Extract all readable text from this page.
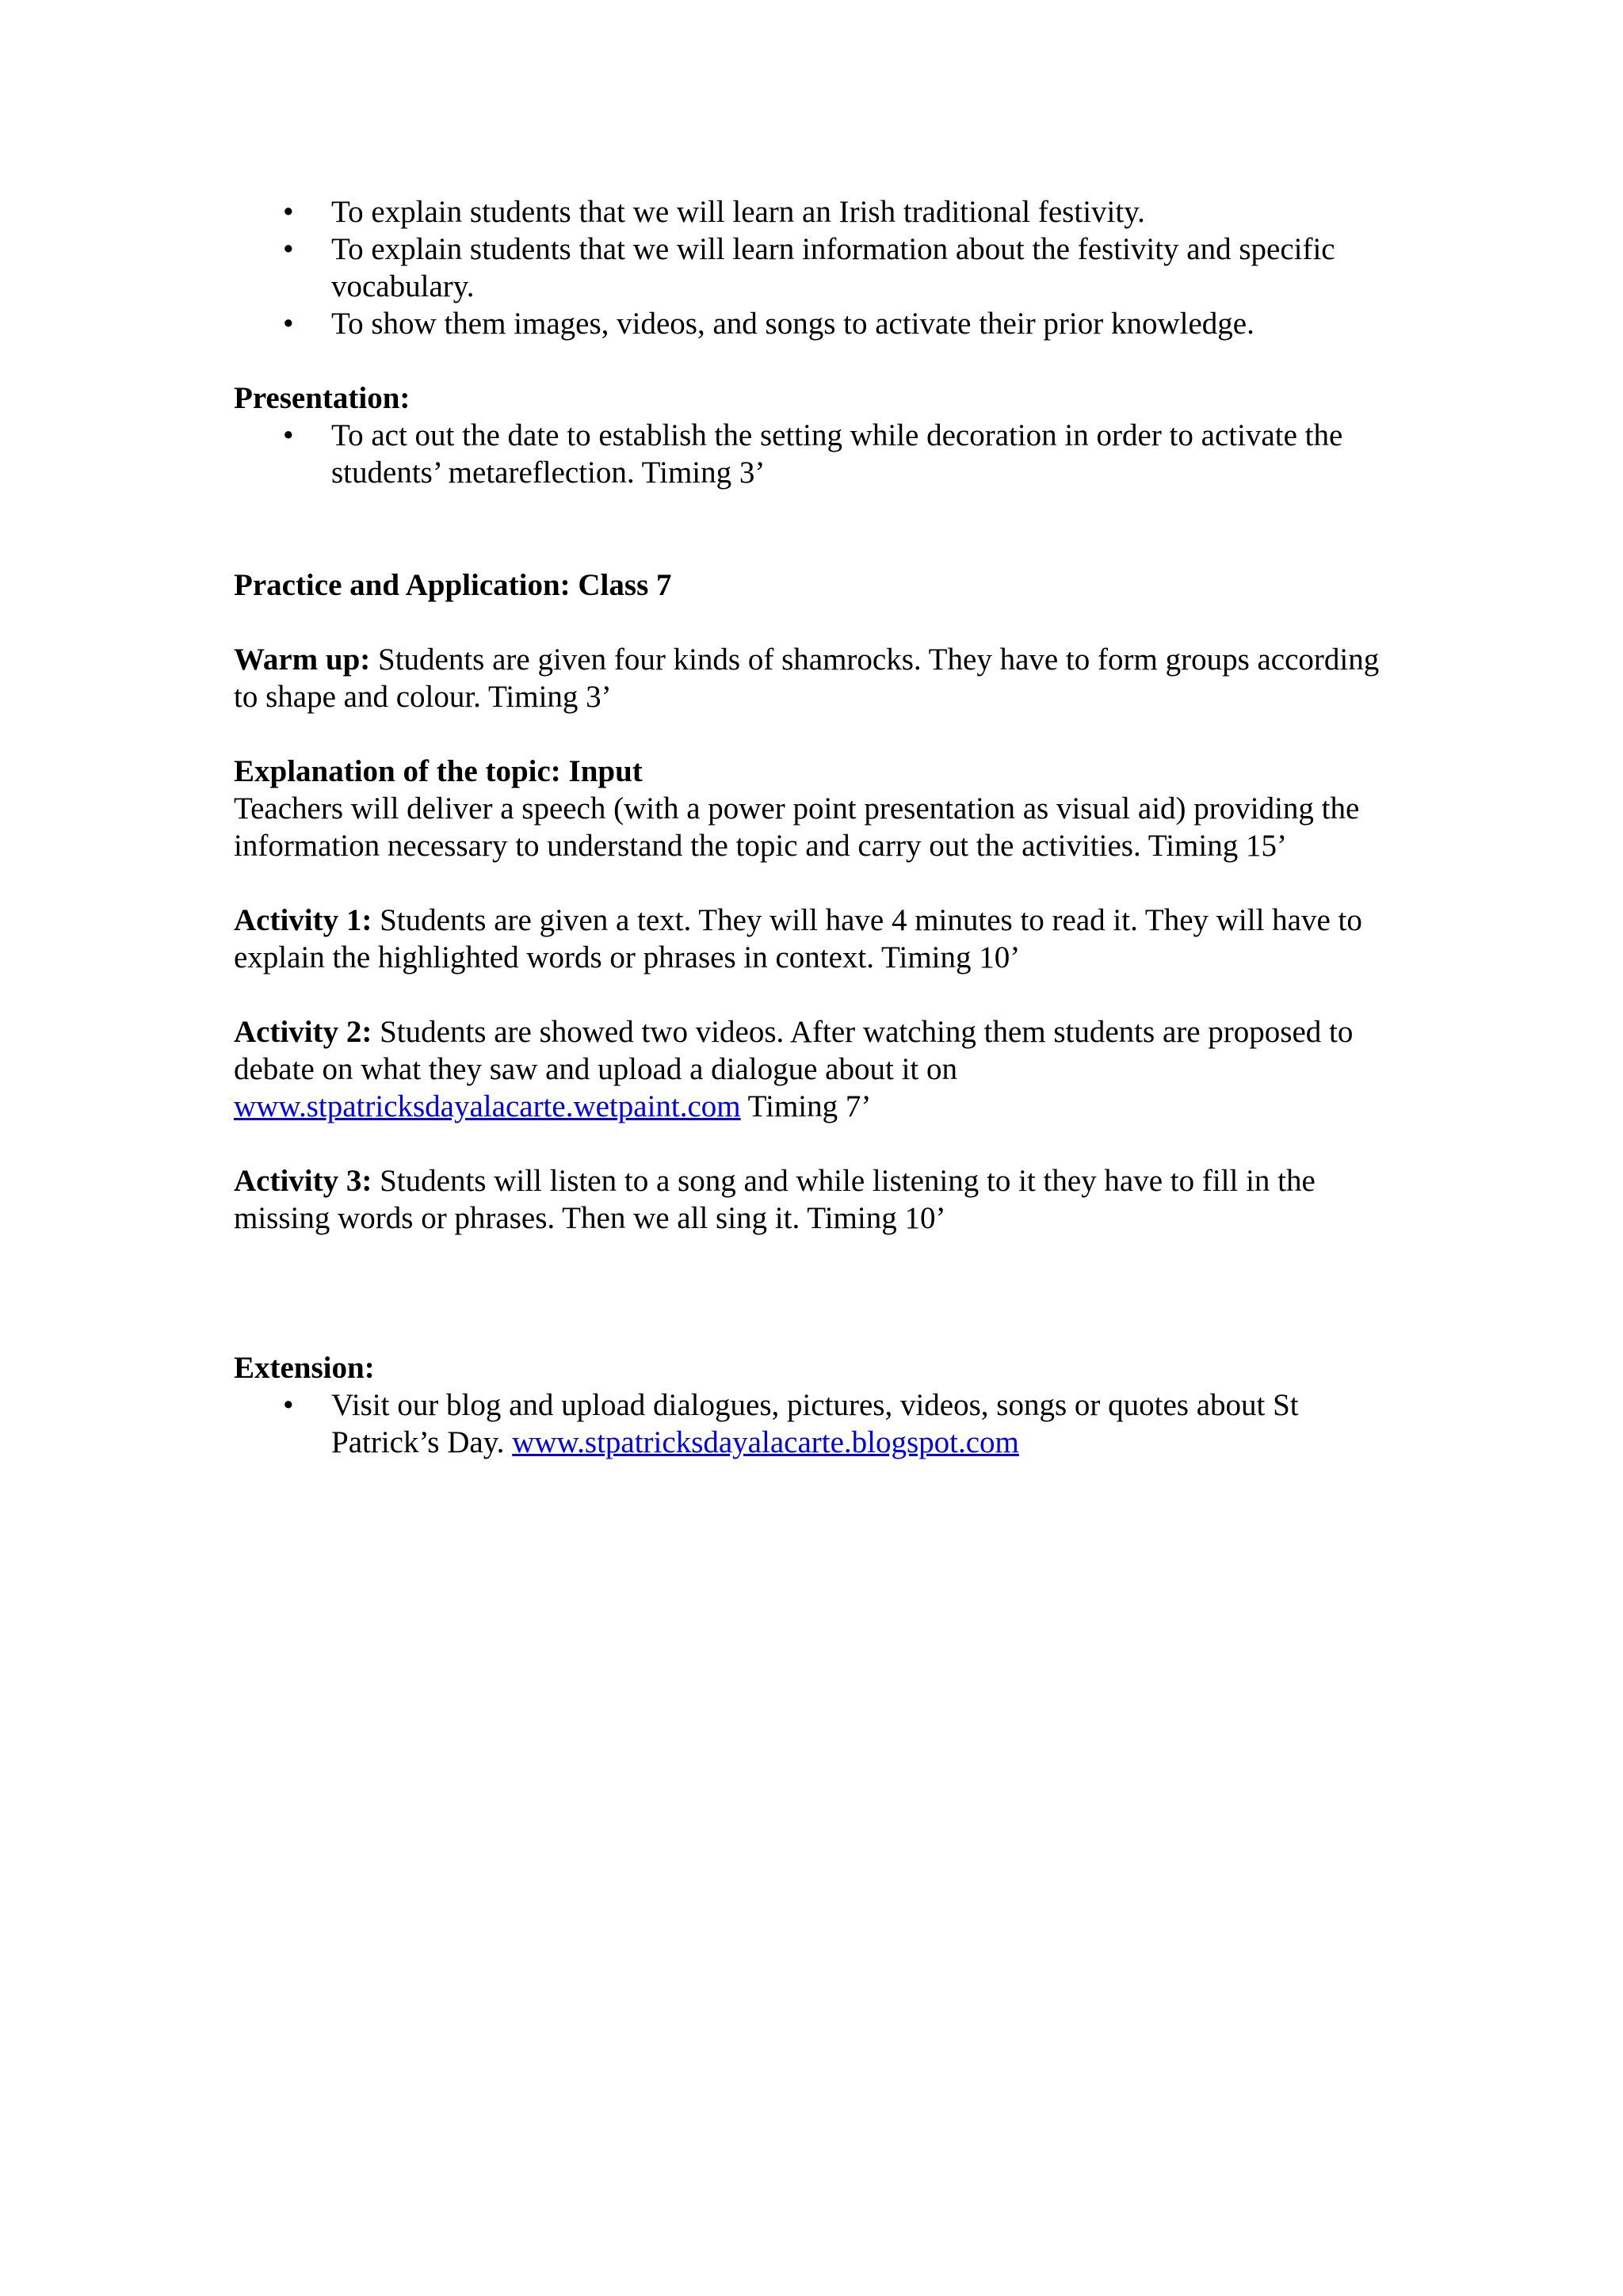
• To explain students that we will learn an Irish traditional festivity.
• To explain students that we will learn information about the festivity and specific vocabulary.
• To show them images, videos, and songs to activate their prior knowledge.

Presentation:

• To act out the date to establish the setting while decoration in order to activate the students’ metareflection. Timing 3’

Practice and Application: Class 7

Warm up: Students are given four kinds of shamrocks. They have to form groups according to shape and colour. Timing 3’

Explanation of the topic: Input

Teachers will deliver a speech (with a power point presentation as visual aid) providing the information necessary to understand the topic and carry out the activities. Timing 15’

Activity 1: Students are given a text. They will have 4 minutes to read it. They will have to explain the highlighted words or phrases in context. Timing 10’

Activity 2: Students are showed two videos. After watching them students are proposed to debate on what they saw and upload a dialogue about it on www.stpatricksdayalacarte.wetpaint.com Timing 7’

Activity 3: Students will listen to a song and while listening to it they have to fill in the missing words or phrases. Then we all sing it. Timing 10’

Extension:

• Visit our blog and upload dialogues, pictures, videos, songs or quotes about St Patrick’s Day. www.stpatricksdayalacarte.blogspot.com
